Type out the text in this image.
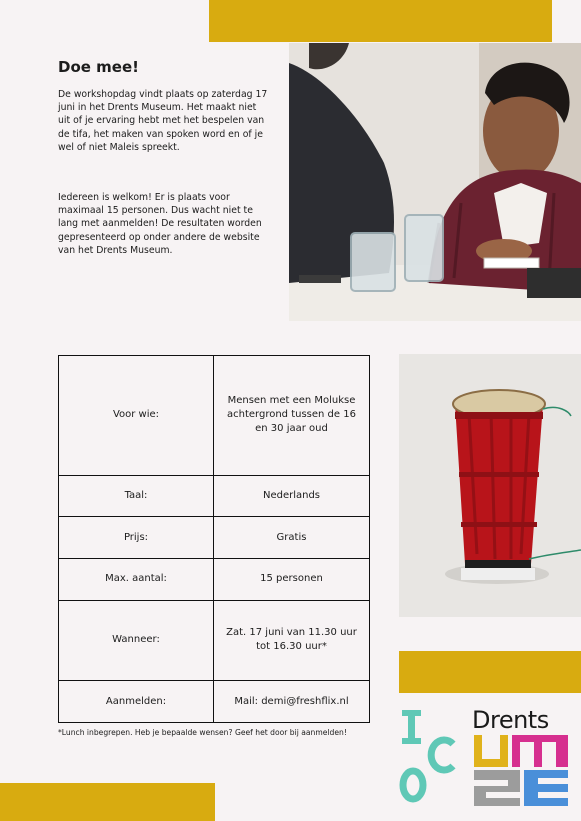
Doe mee!

De workshopdag vindt plaats op zaterdag 17 juni in het Drents Museum. Het maakt niet uit of je ervaring hebt met het bespelen van de tifa, het maken van spoken word en of je wel of niet Maleis spreekt.

Iedereen is welkom! Er is plaats voor maximaal 15 personen. Dus wacht niet te lang met aanmelden! De resultaten worden gepresenteerd op onder andere de website
van het Drents Museum.

Voor wie:	Mensen met een Molukse achtergrond tussen de 16 en 30 jaar oud
Taal:	Nederlands
Prijs:	Gratis
Max. aantal:	15 personen
Wanneer:	Zat. 17 juni van 11.30 uur tot 16.30 uur*
Aanmelden:	Mail: demi@freshflix.nl

*Lunch inbegrepen. Heb je bepaalde wensen? Geef het door bij aanmelden!	Drents
